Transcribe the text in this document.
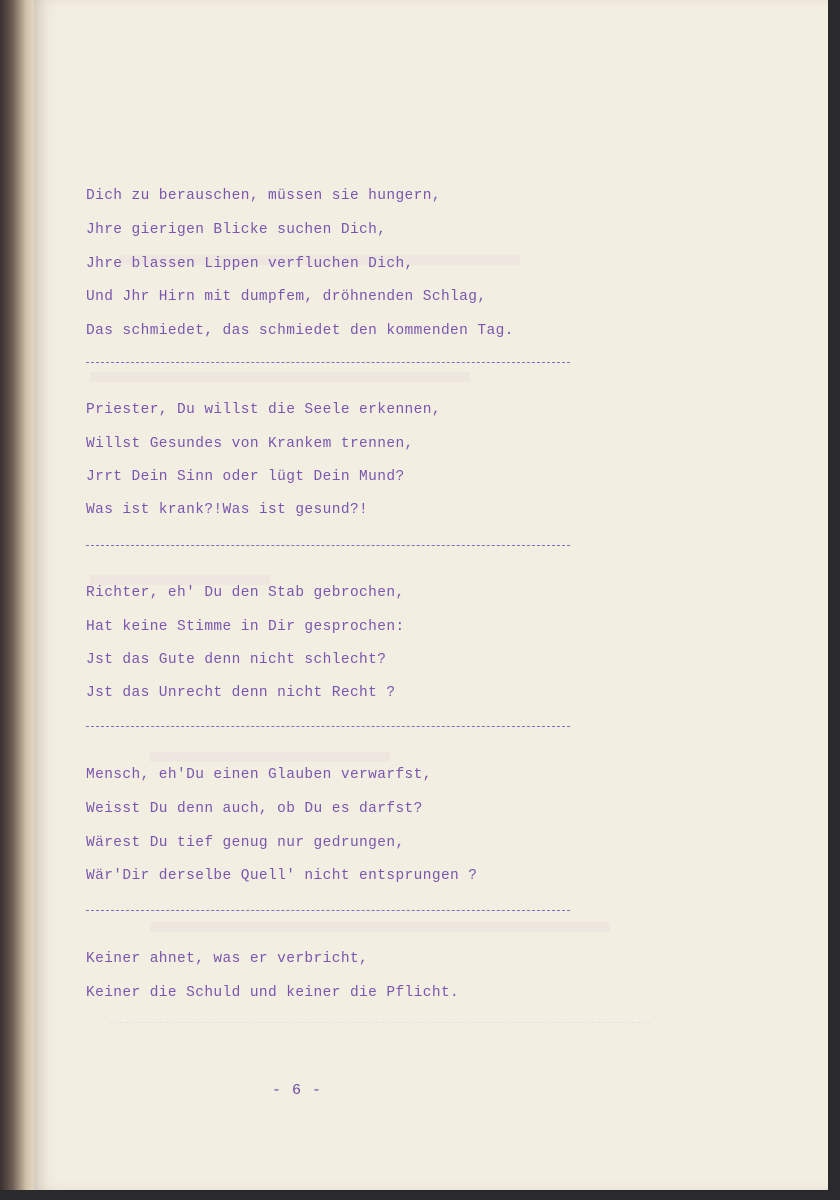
Dich zu berauschen, müssen sie hungern,
Jhre gierigen Blicke suchen Dich,
Jhre blassen Lippen verfluchen Dich,
Und Jhr Hirn mit dumpfem, dröhnenden Schlag,
Das schmiedet, das schmiedet den kommenden Tag.
Priester, Du willst die Seele erkennen,
Willst Gesundes von Krankem trennen,
Jrrt Dein Sinn oder lügt Dein Mund?
Was ist krank?!Was ist gesund?!
Richter, eh' Du den Stab gebrochen,
Hat keine Stimme in Dir gesprochen:
Jst das Gute denn nicht schlecht?
Jst das Unrecht denn nicht Recht ?
Mensch, eh'Du einen Glauben verwarfst,
Weisst Du denn auch, ob Du es darfst?
Wärest Du tief genug nur gedrungen,
Wär'Dir derselbe Quell' nicht entsprungen ?
Keiner ahnet, was er verbricht,
Keiner die Schuld und keiner die Pflicht.
- 6 -
